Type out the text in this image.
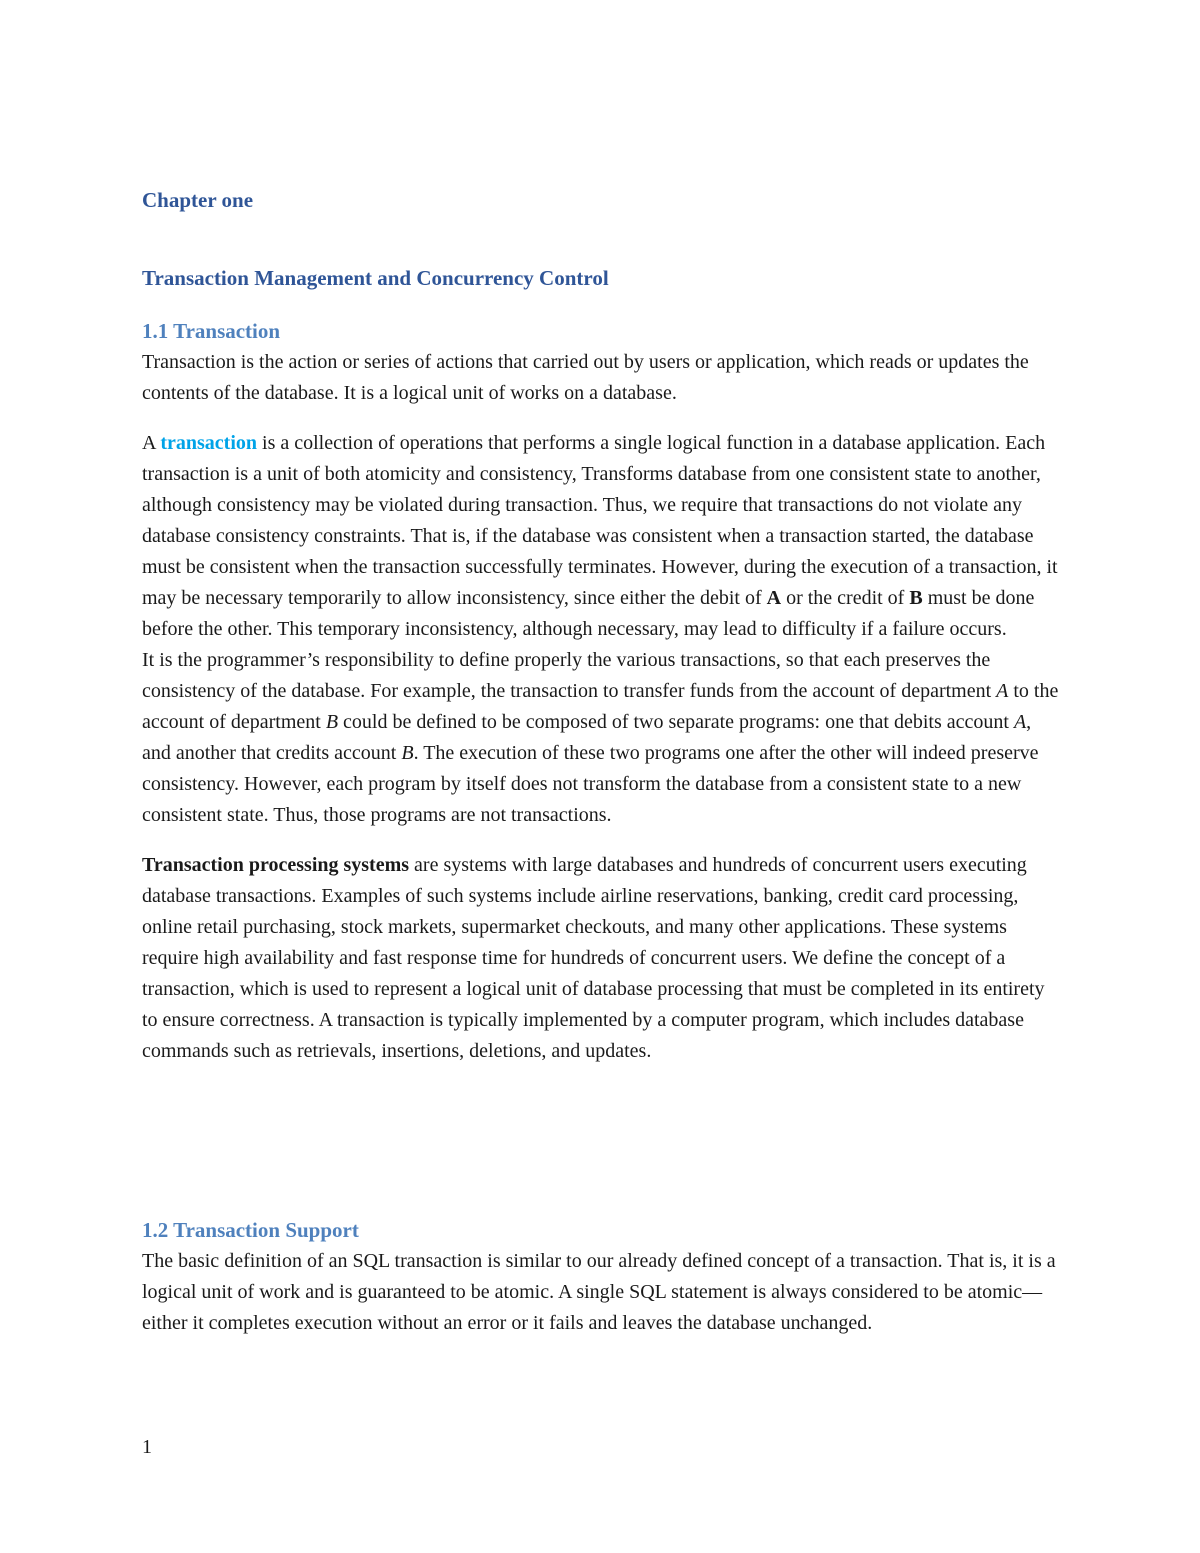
Chapter one
Transaction Management and Concurrency Control
1.1 Transaction

Transaction is the action or series of actions that carried out by users or application, which reads or updates the contents of the database. It is a logical unit of works on a database.

A transaction is a collection of operations that performs a single logical function in a database application. Each transaction is a unit of both atomicity and consistency, Transforms database from one consistent state to another, although consistency may be violated during transaction. Thus, we require that transactions do not violate any database consistency constraints. That is, if the database was consistent when a transaction started, the database must be consistent when the transaction successfully terminates. However, during the execution of a transaction, it may be necessary temporarily to allow inconsistency, since either the debit of A or the credit of B must be done before the other. This temporary inconsistency, although necessary, may lead to difficulty if a failure occurs.

It is the programmer’s responsibility to define properly the various transactions, so that each preserves the consistency of the database. For example, the transaction to transfer funds from the account of department A to the account of department B could be defined to be composed of two separate programs: one that debits account A, and another that credits account B. The execution of these two programs one after the other will indeed preserve consistency. However, each program by itself does not transform the database from a consistent state to a new consistent state. Thus, those programs are not transactions.

Transaction processing systems are systems with large databases and hundreds of concurrent users executing database transactions. Examples of such systems include airline reservations, banking, credit card processing, online retail purchasing, stock markets, supermarket checkouts, and many other applications. These systems require high availability and fast response time for hundreds of concurrent users. We define the concept of a transaction, which is used to represent a logical unit of database processing that must be completed in its entirety to ensure correctness. A transaction is typically implemented by a computer program, which includes database commands such as retrievals, insertions, deletions, and updates.

1.2 Transaction Support

The basic definition of an SQL transaction is similar to our already defined concept of a transaction. That is, it is a logical unit of work and is guaranteed to be atomic. A single SQL statement is always considered to be atomic—either it completes execution without an error or it fails and leaves the database unchanged.

1
